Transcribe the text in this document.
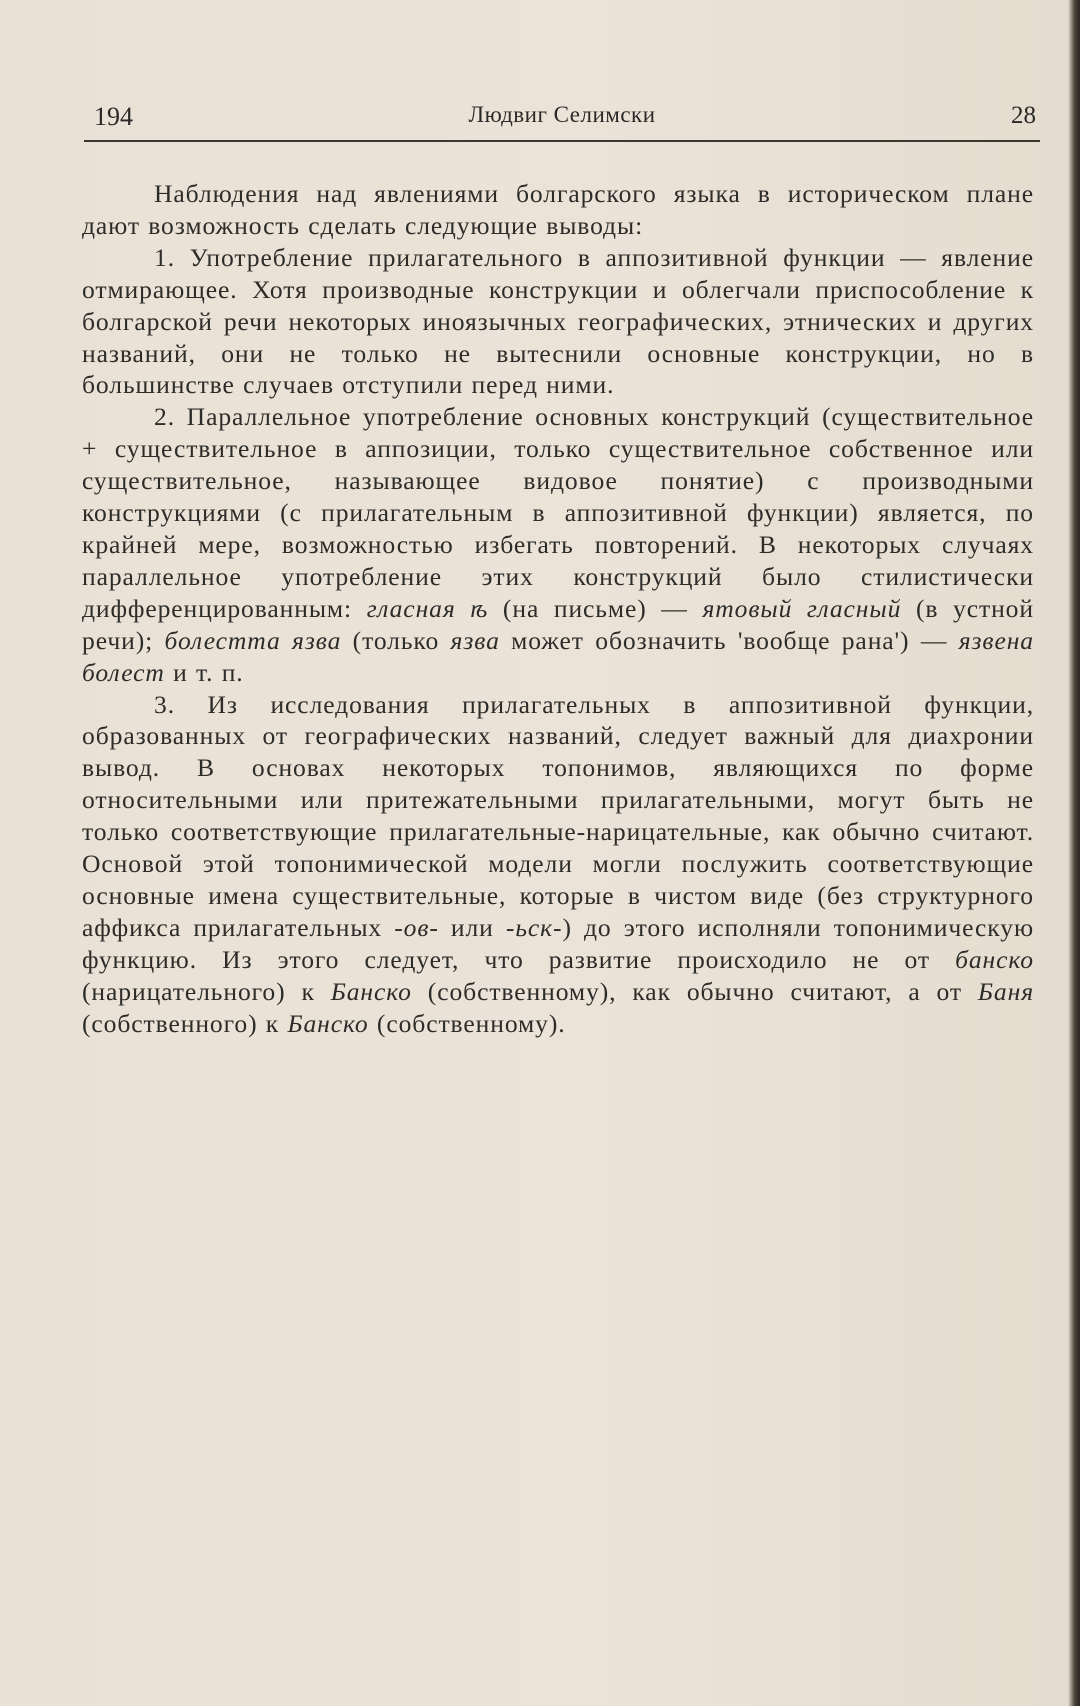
194	Людвиг Селимски	28

Наблюдения над явлениями болгарского языка в историческом плане дают возможность сделать следующие выводы:

1. Употребление прилагательного в аппозитивной функции — явление отмирающее. Хотя производные конструкции и облегчали приспособление к болгарской речи некоторых иноязычных географических, этнических и других названий, они не только не вытеснили основные конструкции, но в большинстве случаев отступили перед ними.

2. Параллельное употребление основных конструкций (существительное + существительное в аппозиции, только существительное собственное или существительное, называющее видовое понятие) с производными конструкциями (с прилагательным в аппозитивной функции) является, по крайней мере, возможностью избегать повторений. В некоторых случаях параллельное употребление этих конструкций было стилистически дифференцированным: гласная ѣ (на письме) — ятовый гласный (в устной речи); болестта язва (только язва может обозначить 'вообще рана') — язвена болест и т. п.

3. Из исследования прилагательных в аппозитивной функции, образованных от географических названий, следует важный для диахронии вывод. В основах некоторых топонимов, являющихся по форме относительными или притежательными прилагательными, могут быть не только соответствующие прилагательные-нарицательные, как обычно считают. Основой этой топонимической модели могли послужить соответствующие основные имена существительные, которые в чистом виде (без структурного аффикса прилагательных -ов- или -ьск-) до этого исполняли топонимическую функцию. Из этого следует, что развитие происходило не от банско (нарицательного) к Банско (собственному), как обычно считают, а от Баня (собственного) к Банско (собственному).
